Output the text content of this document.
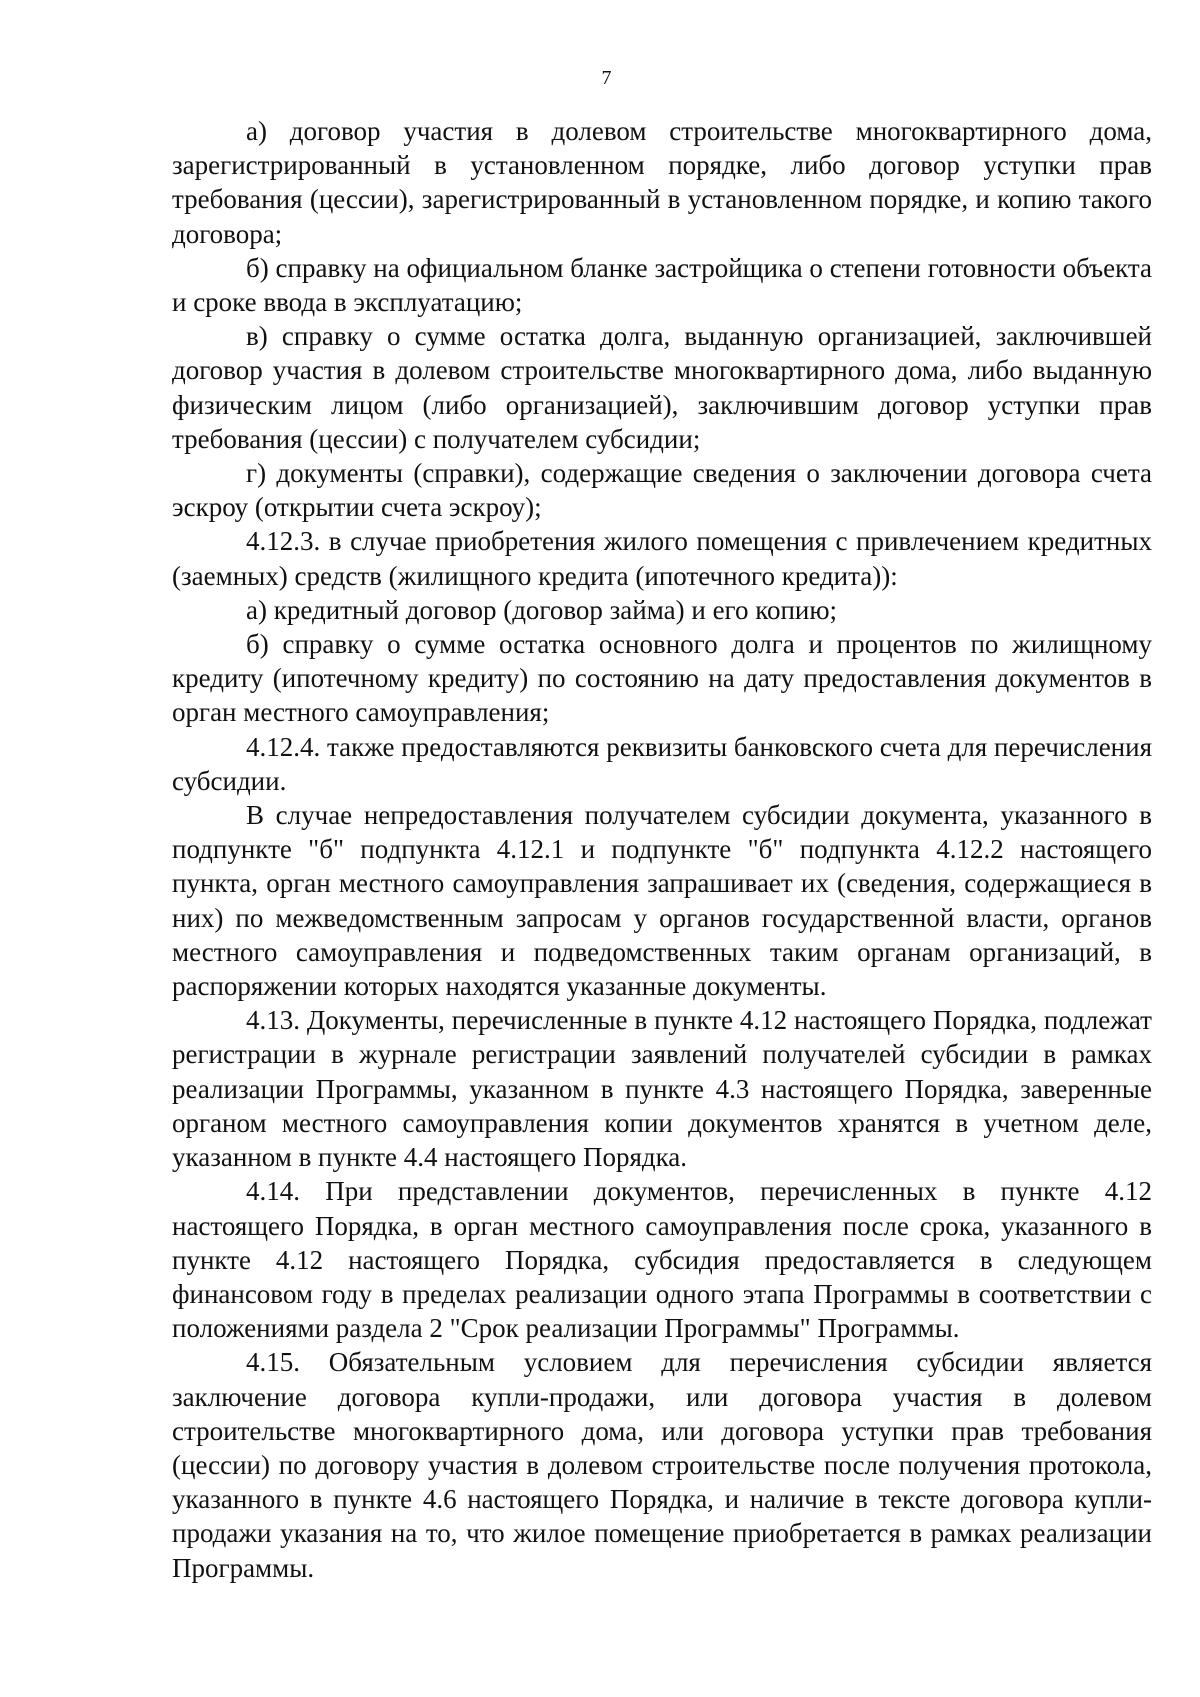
7

а) договор участия в долевом строительстве многоквартирного дома, зарегистрированный в установленном порядке, либо договор уступки прав требования (цессии), зарегистрированный в установленном порядке, и копию такого договора;

б) справку на официальном бланке застройщика о степени готовности объекта и сроке ввода в эксплуатацию;

в) справку о сумме остатка долга, выданную организацией, заключившей договор участия в долевом строительстве многоквартирного дома, либо выданную физическим лицом (либо организацией), заключившим договор уступки прав требования (цессии) с получателем субсидии;

г) документы (справки), содержащие сведения о заключении договора счета эскроу (открытии счета эскроу);

4.12.3. в случае приобретения жилого помещения с привлечением кредитных (заемных) средств (жилищного кредита (ипотечного кредита)):

а) кредитный договор (договор займа) и его копию;

б) справку о сумме остатка основного долга и процентов по жилищному кредиту (ипотечному кредиту) по состоянию на дату предоставления документов в орган местного самоуправления;

4.12.4. также предоставляются реквизиты банковского счета для перечисления субсидии.

В случае непредоставления получателем субсидии документа, указанного в подпункте "б" подпункта 4.12.1 и подпункте "б" подпункта 4.12.2 настоящего пункта, орган местного самоуправления запрашивает их (сведения, содержащиеся в них) по межведомственным запросам у органов государственной власти, органов местного самоуправления и подведомственных таким органам организаций, в распоряжении которых находятся указанные документы.

4.13. Документы, перечисленные в пункте 4.12 настоящего Порядка, подлежат регистрации в журнале регистрации заявлений получателей субсидии в рамках реализации Программы, указанном в пункте 4.3 настоящего Порядка, заверенные органом местного самоуправления копии документов хранятся в учетном деле, указанном в пункте 4.4 настоящего Порядка.

4.14. При представлении документов, перечисленных в пункте 4.12 настоящего Порядка, в орган местного самоуправления после срока, указанного в пункте 4.12 настоящего Порядка, субсидия предоставляется в следующем финансовом году в пределах реализации одного этапа Программы в соответствии с положениями раздела 2 "Срок реализации Программы" Программы.

4.15. Обязательным условием для перечисления субсидии является заключение договора купли-продажи, или договора участия в долевом строительстве многоквартирного дома, или договора уступки прав требования (цессии) по договору участия в долевом строительстве после получения протокола, указанного в пункте 4.6 настоящего Порядка, и наличие в тексте договора купли-продажи указания на то, что жилое помещение приобретается в рамках реализации Программы.
